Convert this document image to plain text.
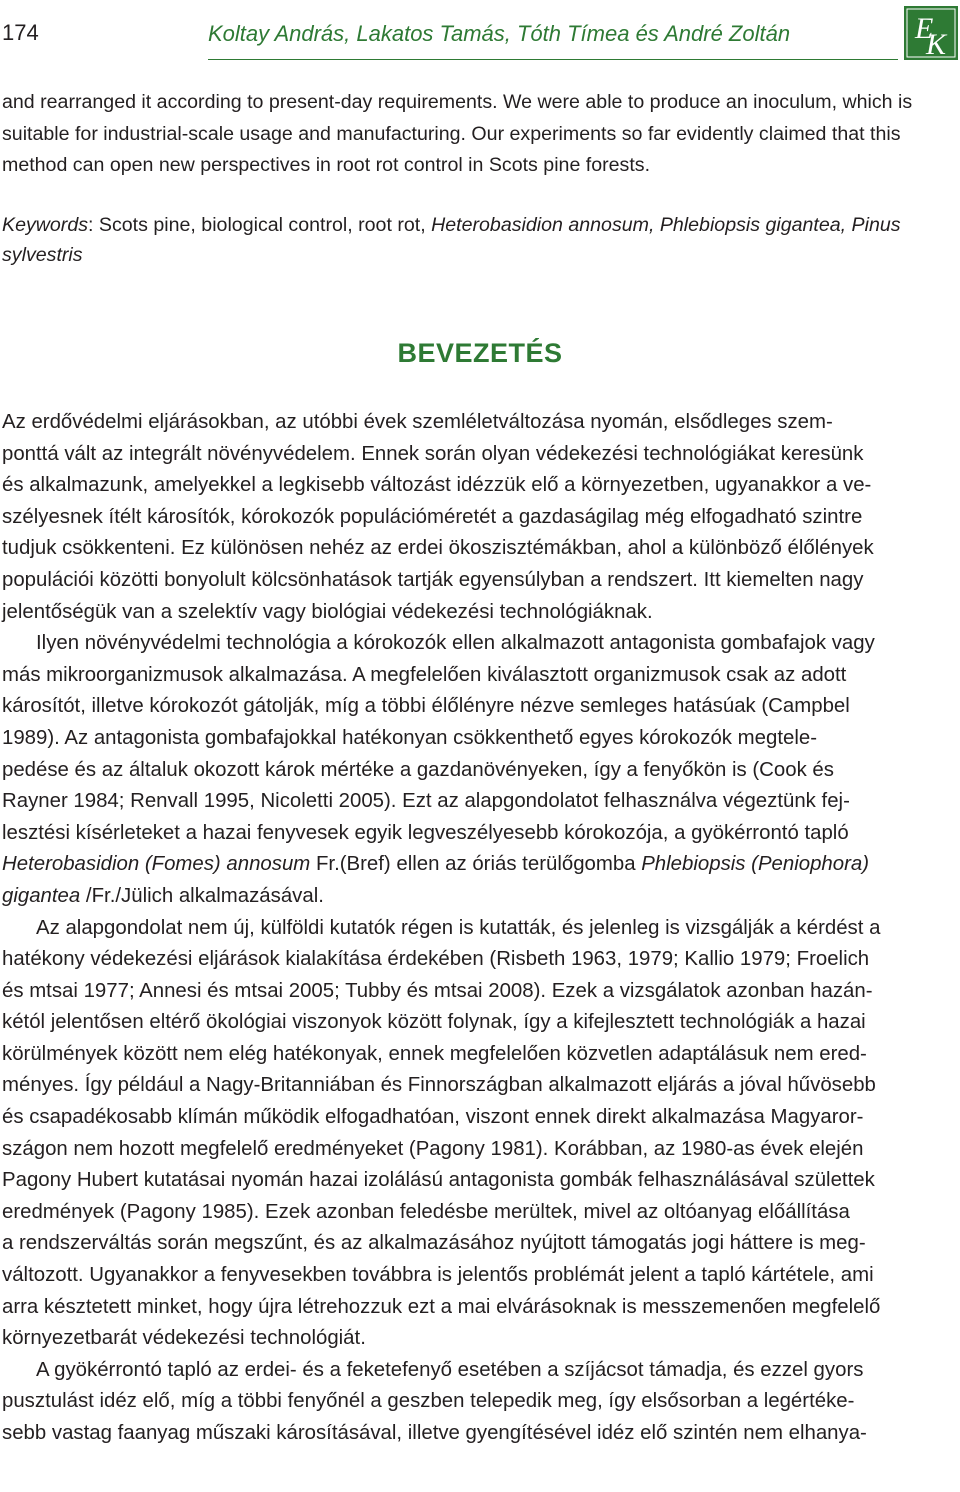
174	Koltay András, Lakatos Tamás, Tóth Tímea és André Zoltán	E
K
and rearranged it according to present-day requirements. We were able to produce an inoculum, which is
suitable for industrial-scale usage and manufacturing. Our experiments so far evidently claimed that this
method can open new perspectives in root rot control in Scots pine forests.
Keywords: Scots pine, biological control, root rot, Heterobasidion annosum, Phlebiopsis gigantea, Pinus
sylvestris
BEVEZETÉS
Az erdővédelmi eljárásokban, az utóbbi évek szemléletváltozása nyomán, elsődleges szem-
ponttá vált az integrált növényvédelem. Ennek során olyan védekezési technológiákat keresünk
és alkalmazunk, amelyekkel a legkisebb változást idézzük elő a környezetben, ugyanakkor a ve-
szélyesnek ítélt károsítók, kórokozók populációméretét a gazdaságilag még elfogadható szintre
tudjuk csökkenteni. Ez különösen nehéz az erdei ökoszisztémákban, ahol a különböző élőlények
populációi közötti bonyolult kölcsönhatások tartják egyensúlyban a rendszert. Itt kiemelten nagy
jelentőségük van a szelektív vagy biológiai védekezési technológiáknak.
Ilyen növényvédelmi technológia a kórokozók ellen alkalmazott antagonista gombafajok vagy
más mikroorganizmusok alkalmazása. A megfelelően kiválasztott organizmusok csak az adott
károsítót, illetve kórokozót gátolják, míg a többi élőlényre nézve semleges hatásúak (Campbel
1989). Az antagonista gombafajokkal hatékonyan csökkenthető egyes kórokozók megtele-
pedése és az általuk okozott károk mértéke a gazdanövényeken, így a fenyőkön is (Cook és
Rayner 1984; Renvall 1995, Nicoletti 2005). Ezt az alapgondolatot felhasználva végeztünk fej-
lesztési kísérleteket a hazai fenyvesek egyik legveszélyesebb kórokozója, a gyökérrontó tapló
Heterobasidion (Fomes) annosum Fr.(Bref) ellen az óriás terülőgomba Phlebiopsis (Peniophora)
gigantea /Fr./Jülich alkalmazásával.
Az alapgondolat nem új, külföldi kutatók régen is kutatták, és jelenleg is vizsgálják a kérdést a
hatékony védekezési eljárások kialakítása érdekében (Risbeth 1963, 1979; Kallio 1979; Froelich
és mtsai 1977; Annesi és mtsai 2005; Tubby és mtsai 2008). Ezek a vizsgálatok azonban hazán-
kétól jelentősen eltérő ökológiai viszonyok között folynak, így a kifejlesztett technológiák a hazai
körülmények között nem elég hatékonyak, ennek megfelelően közvetlen adaptálásuk nem ered-
ményes. Így például a Nagy-Britanniában és Finnországban alkalmazott eljárás a jóval hűvösebb
és csapadékosabb klímán működik elfogadhatóan, viszont ennek direkt alkalmazása Magyaror-
szágon nem hozott megfelelő eredményeket (Pagony 1981). Korábban, az 1980-as évek elején
Pagony Hubert kutatásai nyomán hazai izolálású antagonista gombák felhasználásával születtek
eredmények (Pagony 1985). Ezek azonban feledésbe merültek, mivel az oltóanyag előállítása
a rendszerváltás során megszűnt, és az alkalmazásához nyújtott támogatás jogi háttere is meg-
változott. Ugyanakkor a fenyvesekben továbbra is jelentős problémát jelent a tapló kártétele, ami
arra késztetett minket, hogy újra létrehozzuk ezt a mai elvárásoknak is messzemenően megfelelő
környezetbarát védekezési technológiát.
A gyökérrontó tapló az erdei- és a feketefenyő esetében a szíjácsot támadja, és ezzel gyors
pusztulást idéz elő, míg a többi fenyőnél a geszben telepedik meg, így elsősorban a legértéke-
sebb vastag faanyag műszaki károsításával, illetve gyengítésével idéz elő szintén nem elhanya-
